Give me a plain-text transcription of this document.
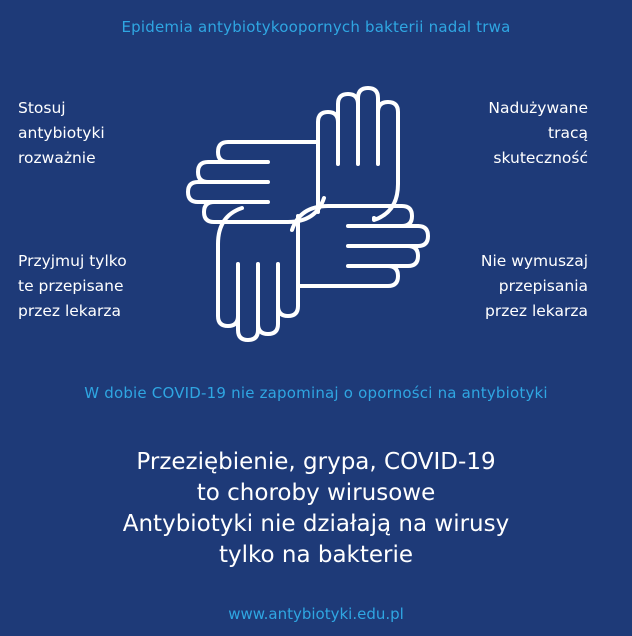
Epidemia antybiotykoopornych bakterii nadal trwa
Stosuj
antybiotyki
rozważnie
Nadużywane
tracą
skuteczność
Przyjmuj tylko
te przepisane
przez lekarza
Nie wymuszaj
przepisania
przez lekarza
W dobie COVID-19 nie zapominaj o oporności na antybiotyki
Przeziębienie, grypa, COVID-19
to choroby wirusowe
Antybiotyki nie działają na wirusy
tylko na bakterie
www.antybiotyki.edu.pl
